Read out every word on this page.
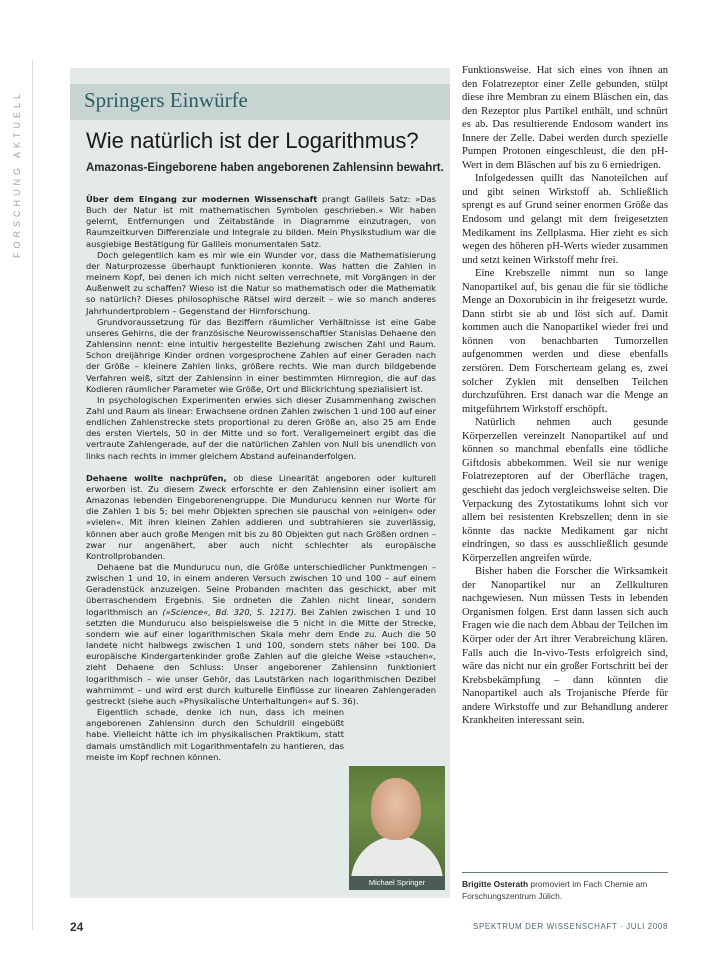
FORSCHUNG AKTUELL	Springers Einwürfe
Wie natürlich ist der Logarithmus?
Amazonas-Eingeborene haben angeborenen Zahlensinn bewahrt.

Über dem Eingang zur modernen Wissenschaft prangt Galileis Satz: »Das Buch der Natur ist mit mathematischen Symbolen geschrieben.« Wir haben gelernt, Entfernungen und Zeitabstände in Diagramme einzutragen, von Raumzeitkurven Differenziale und Integrale zu bilden. Mein Physikstudium war die ausgiebige Bestätigung für Galileis monumentalen Satz.

Doch gelegentlich kam es mir wie ein Wunder vor, dass die Mathematisierung der Naturprozesse überhaupt funktionieren konnte. Was hatten die Zahlen in meinem Kopf, bei denen ich mich nicht selten verrechnete, mit Vorgängen in der Außenwelt zu schaffen? Wieso ist die Natur so mathematisch oder die Mathematik so natürlich? Dieses philosophische Rätsel wird derzeit – wie so manch anderes Jahrhundertproblem – Gegenstand der Hirnforschung.

Grundvoraussetzung für das Beziffern räumlicher Verhältnisse ist eine Gabe unseres Gehirns, die der französische Neurowissenschaftler Stanislas Dehaene den Zahlensinn nennt: eine intuitiv hergestellte Beziehung zwischen Zahl und Raum. Schon dreijährige Kinder ordnen vorgesprochene Zahlen auf einer Geraden nach der Größe – kleinere Zahlen links, größere rechts. Wie man durch bildgebende Verfahren weiß, sitzt der Zahlensinn in einer bestimmten Hirnregion, die auf das Kodieren räumlicher Parameter wie Größe, Ort und Blickrichtung spezialisiert ist.

In psychologischen Experimenten erwies sich dieser Zusammenhang zwischen Zahl und Raum als linear: Erwachsene ordnen Zahlen zwischen 1 und 100 auf einer endlichen Zahlenstrecke stets proportional zu deren Größe an, also 25 am Ende des ersten Viertels, 50 in der Mitte und so fort. Verallgemeinert ergibt das die vertraute Zahlengerade, auf der die natürlichen Zahlen von Null bis unendlich von links nach rechts in immer gleichem Abstand aufeinanderfolgen.

Dehaene wollte nachprüfen, ob diese Linearität angeboren oder kulturell erworben ist. Zu diesem Zweck erforschte er den Zahlensinn einer isoliert am Amazonas lebenden Eingeborenengruppe. Die Mundurucu kennen nur Worte für die Zahlen 1 bis 5; bei mehr Objekten sprechen sie pauschal von »einigen« oder »vielen«. Mit ihren kleinen Zahlen addieren und subtrahieren sie zuverlässig, können aber auch große Mengen mit bis zu 80 Objekten gut nach Größen ordnen – zwar nur angenähert, aber auch nicht schlechter als europäische Kontrollprobanden.

Dehaene bat die Mundurucu nun, die Größe unterschiedlicher Punktmengen – zwischen 1 und 10, in einem anderen Versuch zwischen 10 und 100 – auf einem Geradenstück anzuzeigen. Seine Probanden machten das geschickt, aber mit überraschendem Ergebnis. Sie ordneten die Zahlen nicht linear, sondern logarithmisch an (»Science«, Bd. 320, S. 1217). Bei Zahlen zwischen 1 und 10 setzten die Mundurucu also beispielsweise die 5 nicht in die Mitte der Strecke, sondern wie auf einer logarithmischen Skala mehr dem Ende zu. Auch die 50 landete nicht halbwegs zwischen 1 und 100, sondern stets näher bei 100. Da europäische Kindergartenkinder große Zahlen auf die gleiche Weise »stauchen«, zieht Dehaene den Schluss: Unser angeborener Zahlensinn funktioniert logarithmisch – wie unser Gehör, das Lautstärken nach logarithmischen Dezibel wahrnimmt – und wird erst durch kulturelle Einflüsse zur linearen Zahlengeraden gestreckt (siehe auch »Physikalische Unterhaltungen« auf S. 36).

Eigentlich schade, denke ich nun, dass ich meinen angeborenen Zahlensinn durch den Schuldrill eingebüßt habe. Vielleicht hätte ich im physikalischen Praktikum, statt damals umständlich mit Logarithmentafeln zu hantieren, das meiste im Kopf rechnen können.

Michael Springer

Funktionsweise. Hat sich eines von ihnen an den Folatrezeptor einer Zelle gebunden, stülpt diese ihre Membran zu einem Bläschen ein, das den Rezeptor plus Partikel enthält, und schnürt es ab. Das resultierende Endosom wandert ins Innere der Zelle. Dabei werden durch spezielle Pumpen Protonen eingeschleust, die den pH-Wert in dem Bläschen auf bis zu 6 erniedrigen.

Infolgedessen quillt das Nanoteilchen auf und gibt seinen Wirkstoff ab. Schließlich sprengt es auf Grund seiner enormen Größe das Endosom und gelangt mit dem freigesetzten Medikament ins Zellplasma. Hier zieht es sich wegen des höheren pH-Werts wieder zusammen und setzt keinen Wirkstoff mehr frei.

Eine Krebszelle nimmt nun so lange Nanopartikel auf, bis genau die für sie tödliche Menge an Doxorubicin in ihr freigesetzt wurde. Dann stirbt sie ab und löst sich auf. Damit kommen auch die Nanopartikel wieder frei und können von benachbarten Tumorzellen aufgenommen werden und diese ebenfalls zerstören. Dem Forscherteam gelang es, zwei solcher Zyklen mit denselben Teilchen durchzuführen. Erst danach war die Menge an mitgeführtem Wirkstoff erschöpft.

Natürlich nehmen auch gesunde Körperzellen vereinzelt Nanopartikel auf und können so manchmal ebenfalls eine tödliche Giftdosis abbekommen. Weil sie nur wenige Folatrezeptoren auf der Oberfläche tragen, geschieht das jedoch vergleichsweise selten. Die Verpackung des Zytostatikums lohnt sich vor allem bei resistenten Krebszellen; denn in sie könnte das nackte Medikament gar nicht eindringen, so dass es ausschließlich gesunde Körperzellen angreifen würde.

Bisher haben die Forscher die Wirksamkeit der Nanopartikel nur an Zellkulturen nachgewiesen. Nun müssen Tests in lebenden Organismen folgen. Erst dann lassen sich auch Fragen wie die nach dem Abbau der Teilchen im Körper oder der Art ihrer Verabreichung klären. Falls auch die In-vivo-Tests erfolgreich sind, wäre das nicht nur ein großer Fortschritt bei der Krebsbekämpfung – dann könnten die Nanopartikel auch als Trojanische Pferde für andere Wirkstoffe und zur Behandlung anderer Krankheiten interessant sein.

Brigitte Osterath promoviert im Fach Chemie am Forschungszentrum Jülich.
24	SPEKTRUM DER WISSENSCHAFT · JULI 2008
